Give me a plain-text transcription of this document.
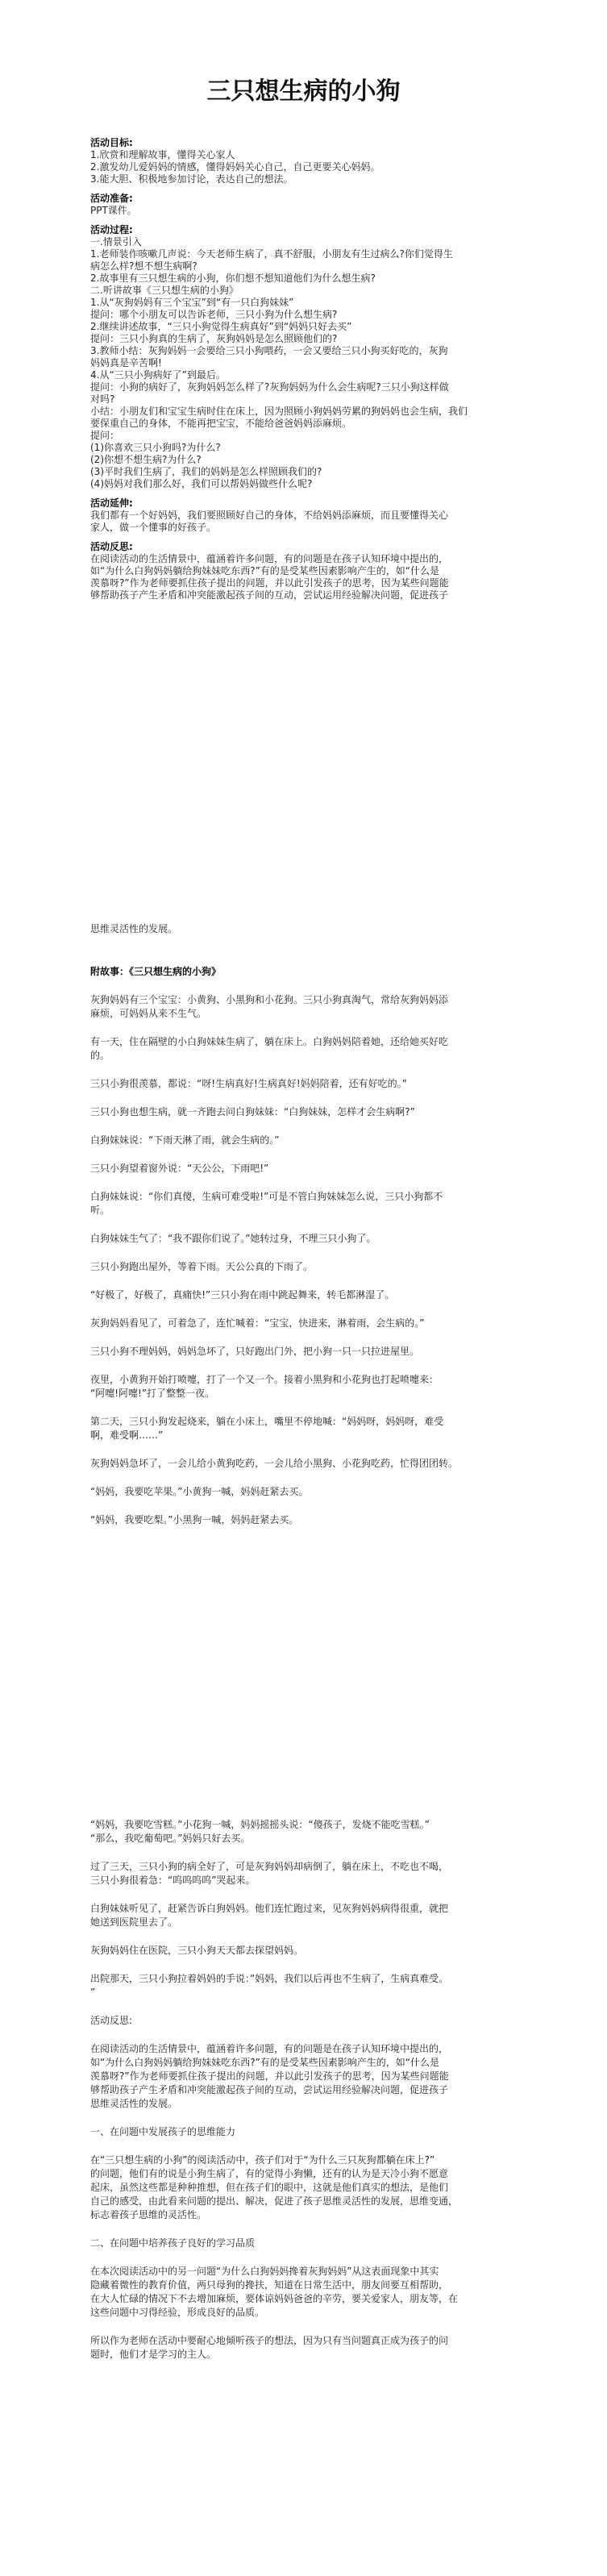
三只想生病的小狗

活动目标:

1.欣赏和理解故事，懂得关心家人

2.激发幼儿爱妈妈的情感，懂得妈妈关心自己，自己更要关心妈妈。

3.能大胆、积极地参加讨论，表达自己的想法。

活动准备:

PPT课件。

活动过程:

一.情景引入

1.老师装作咳嗽几声说：今天老师生病了，真不舒服，小朋友有生过病么?你们觉得生

病怎么样?想不想生病啊?

2.故事里有三只想生病的小狗，你们想不想知道他们为什么想生病?

二.听讲故事《三只想生病的小狗》

1.从“灰狗妈妈有三个宝宝”到“有一只白狗妹妹”

提问：哪个小朋友可以告诉老师，三只小狗为什么想生病?

2.继续讲述故事，“三只小狗觉得生病真好”到“妈妈只好去买”

提问：三只小狗真的生病了，灰狗妈妈是怎么照顾他们的?

3.教师小结：灰狗妈妈一会要给三只小狗喂药，一会又要给三只小狗买好吃的，灰狗

妈妈真是辛苦啊!

4.从“三只小狗病好了”到最后。

提问：小狗的病好了，灰狗妈妈怎么样了?灰狗妈妈为什么会生病呢?三只小狗这样做

对吗?

小结：小朋友们和宝宝生病时住在床上，因为照顾小狗妈妈劳累的狗妈妈也会生病，我们

要保重自己的身体，不能再把宝宝，不能给爸爸妈妈添麻烦。

提问：

(1)你喜欢三只小狗吗?为什么?

(2)你想不想生病?为什么?

(3)平时我们生病了，我们的妈妈是怎么样照顾我们的?

(4)妈妈对我们那么好，我们可以帮妈妈做些什么呢?

活动延伸:

我们都有一个好妈妈，我们要照顾好自己的身体，不给妈妈添麻烦，而且要懂得关心

家人，做一个懂事的好孩子。

活动反思:

在阅读活动的生活情景中，蕴涵着许多问题，有的问题是在孩子认知环境中提出的，

如“为什么白狗妈妈躺给狗妹妹吃东西?”有的是受某些因素影响产生的，如“什么是

羡慕呀?”作为老师要抓住孩子提出的问题，并以此引发孩子的思考，因为某些问题能

够帮助孩子产生矛盾和冲突能激起孩子间的互动，尝试运用经验解决问题，促进孩子

思维灵活性的发展。

附故事：《三只想生病的小狗》

灰狗妈妈有三个宝宝：小黄狗、小黑狗和小花狗。三只小狗真淘气，常给灰狗妈妈添
麻烦，可妈妈从来不生气。

有一天，住在隔壁的小白狗妹妹生病了，躺在床上。白狗妈妈陪着她，还给她买好吃
的。

三只小狗很羡慕，都说：“呀!生病真好!生病真好!妈妈陪着，还有好吃的。”

三只小狗也想生病，就一齐跑去问白狗妹妹：“白狗妹妹，怎样才会生病啊?”

白狗妹妹说：“下雨天淋了雨，就会生病的。”

三只小狗望着窗外说：“天公公，下雨吧!”

白狗妹妹说：“你们真傻，生病可难受啦!”可是不管白狗妹妹怎么说，三只小狗都不
听。

白狗妹妹生气了：“我不跟你们说了。”她转过身，不理三只小狗了。

三只小狗跑出屋外，等着下雨。天公公真的下雨了。

“好极了，好极了，真痛快!”三只小狗在雨中跳起舞来，转毛都淋湿了。

灰狗妈妈看见了，可着急了，连忙喊着：“宝宝，快进来，淋着雨，会生病的。”

三只小狗不理妈妈，妈妈急坏了，只好跑出门外，把小狗一只一只拉进屋里。

夜里，小黄狗开始打喷嚏，打了一个又一个。接着小黑狗和小花狗也打起喷嚏来：
“阿嚏!阿嚏!”打了整整一夜。

第二天，三只小狗发起烧来，躺在小床上，嘴里不停地喊：“妈妈呀，妈妈呀，难受
啊，难受啊……”

灰狗妈妈急坏了，一会儿给小黄狗吃药，一会儿给小黑狗、小花狗吃药，忙得团团转。

“妈妈，我要吃苹果。”小黄狗一喊，妈妈赶紧去买。

“妈妈，我要吃梨。”小黑狗一喊，妈妈赶紧去买。

“妈妈，我要吃雪糕。”小花狗一喊，妈妈摇摇头说：“傻孩子，发烧不能吃雪糕。”
“那么，我吃葡萄吧。”妈妈只好去买。

过了三天，三只小狗的病全好了，可是灰狗妈妈却病倒了，躺在床上，不吃也不喝，
三只小狗很着急：“呜呜呜呜”哭起来。

白狗妹妹听见了，赶紧告诉白狗妈妈。他们连忙跑过来，见灰狗妈妈病得很重，就把
她送到医院里去了。

灰狗妈妈住在医院，三只小狗天天都去探望妈妈。

出院那天，三只小狗拉着妈妈的手说：”妈妈，我们以后再也不生病了，生病真难受。
”

活动反思:

在阅读活动的生活情景中，蕴涵着许多问题，有的问题是在孩子认知环境中提出的，
如“为什么白狗妈妈躺给狗妹妹吃东西?”有的是受某些因素影响产生的，如“什么是
羡慕呀?”作为老师要抓住孩子提出的问题，并以此引发孩子的思考，因为某些问题能
够帮助孩子产生矛盾和冲突能激起孩子间的互动，尝试运用经验解决问题，促进孩子
思维灵活性的发展。

一、在问题中发展孩子的思维能力

在“三只想生病的小狗”的阅读活动中，孩子们对于“为什么三只灰狗都躺在床上?”
的问题，他们有的说是小狗生病了，有的觉得小狗懒，还有的认为是天冷小狗不愿意
起床，虽然这些都是种种推想，但在孩子们的眼中，这就是他们真实的想法，是他们
自己的感受，由此看来问题的提出、解决，促进了孩子思维灵活性的发展，思维变通，
标志着孩子思维的灵活性。

二、在问题中培养孩子良好的学习品质

在本次阅读活动中的另一问题“为什么白狗妈妈搀着灰狗妈妈”从这表面现象中其实
隐藏着微性的教育价值，两只母狗的搀扶，知道在日常生活中，朋友间要互相帮助，
在大人忙碌的情况下不去增加麻烦，要体谅妈妈爸爸的辛劳，要关爱家人，朋友等，在
这些问题中习得经验，形成良好的品质。

所以作为老师在活动中要耐心地倾听孩子的想法，因为只有当问题真正成为孩子的问
题时，他们才是学习的主人。
